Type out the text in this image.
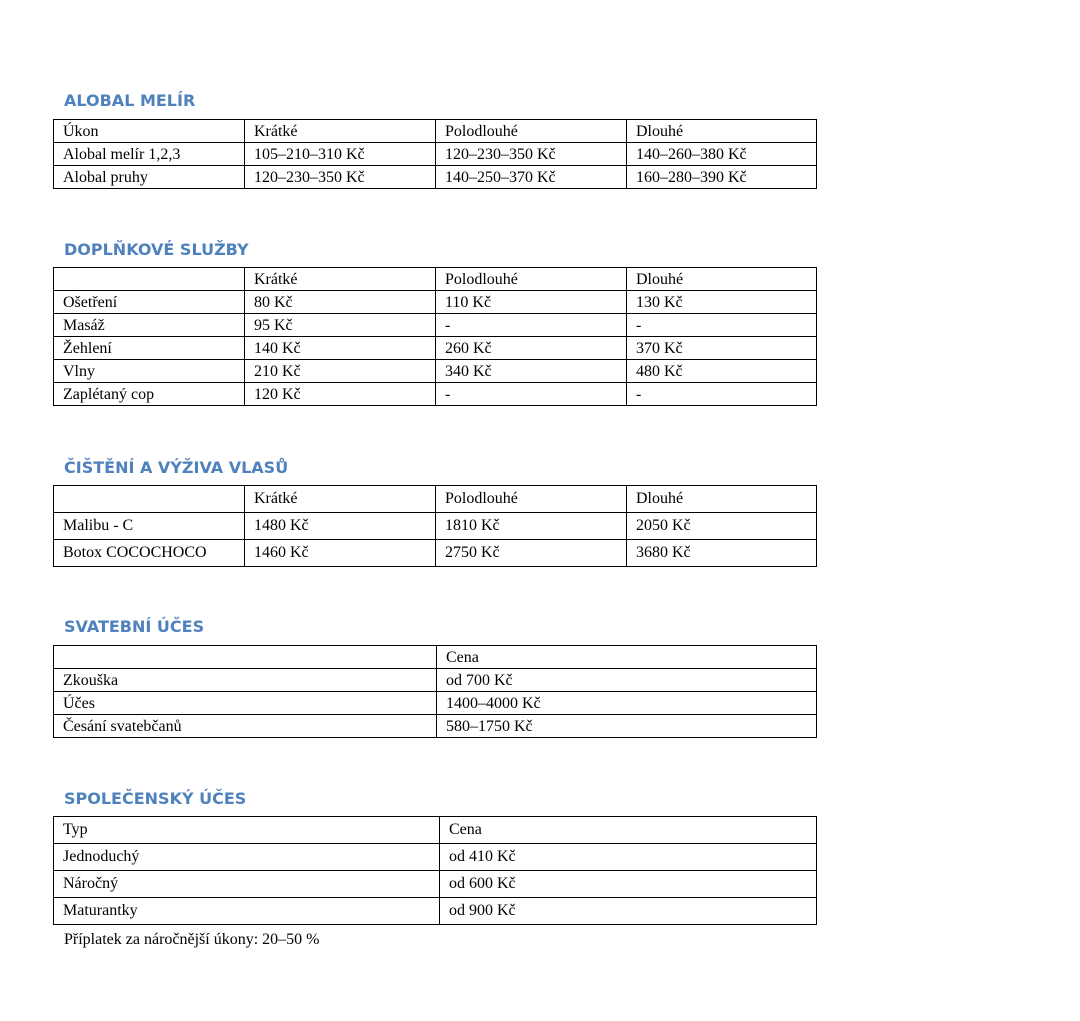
ALOBAL MELÍR
Úkon	Krátké	Polodlouhé	Dlouhé
Alobal melír 1,2,3	105–210–310 Kč	120–230–350 Kč	140–260–380 Kč
Alobal pruhy	120–230–350 Kč	140–250–370 Kč	160–280–390 Kč
DOPLŇKOVÉ SLUŽBY
	Krátké	Polodlouhé	Dlouhé
Ošetření	80 Kč	110 Kč	130 Kč
Masáž	95 Kč	-	-
Žehlení	140 Kč	260 Kč	370 Kč
Vlny	210 Kč	340 Kč	480 Kč
Zaplétaný cop	120 Kč	-	-
ČIŠTĚNÍ A VÝŽIVA VLASŮ
	Krátké	Polodlouhé	Dlouhé
Malibu - C	1480 Kč	1810 Kč	2050 Kč
Botox COCOCHOCO	1460 Kč	2750 Kč	3680 Kč
SVATEBNÍ ÚČES
	Cena
Zkouška	od 700 Kč
Účes	1400–4000 Kč
Česání svatebčanů	580–1750 Kč
SPOLEČENSKÝ ÚČES
Typ	Cena
Jednoduchý	od 410 Kč
Náročný	od 600 Kč
Maturantky	od 900 Kč
Příplatek za náročnější úkony: 20–50 %
